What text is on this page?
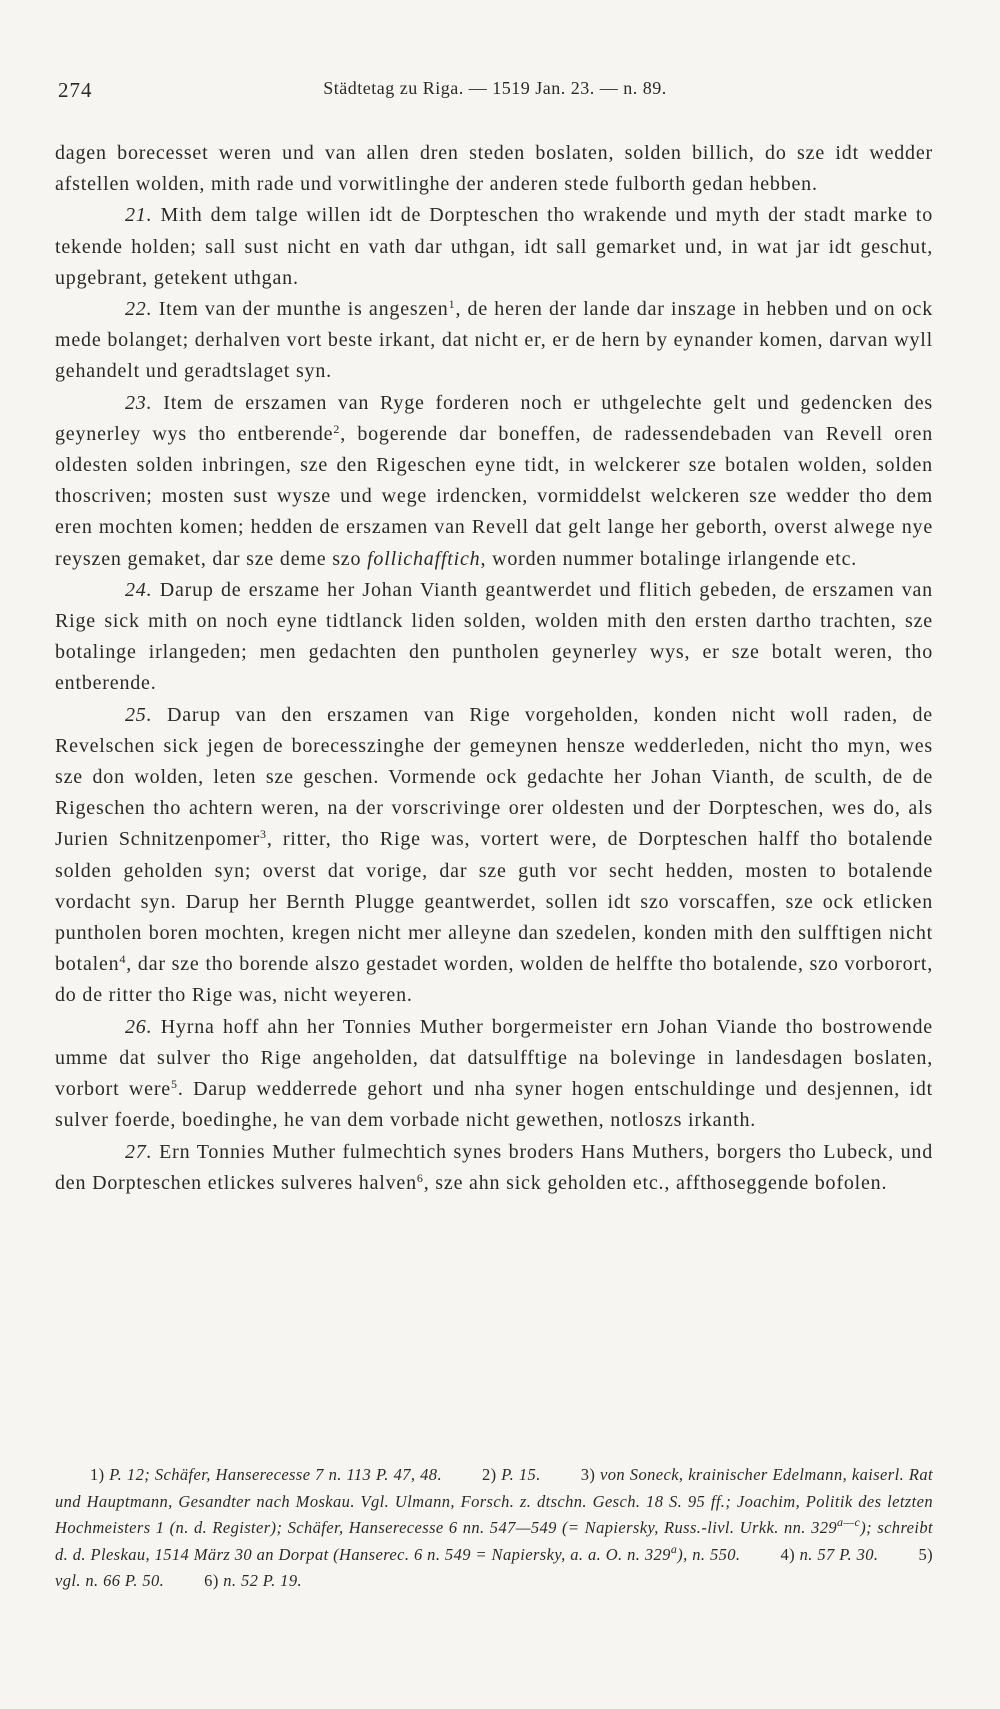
274	Städtetag zu Riga. — 1519 Jan. 23. — n. 89.

dagen borecesset weren und van allen dren steden boslaten, solden billich, do sze idt wedder afstellen wolden, mith rade und vorwitlinghe der anderen stede fulborth gedan hebben.

21. Mith dem talge willen idt de Dorpteschen tho wrakende und myth der stadt marke to tekende holden; sall sust nicht en vath dar uthgan, idt sall gemarket und, in wat jar idt geschut, upgebrant, getekent uthgan.

22. Item van der munthe is angeszen$^1$, de heren der lande dar inszage in hebben und on ock mede bolanget; derhalven vort beste irkant, dat nicht er, er de hern by eynander komen, darvan wyll gehandelt und geradtslaget syn.

23. Item de erszamen van Ryge forderen noch er uthgelechte gelt und gedencken des geynerley wys tho entberende$^2$, bogerende dar boneffen, de radessendebaden van Revell oren oldesten solden inbringen, sze den Rigeschen eyne tidt, in welckerer sze botalen wolden, solden thoscriven; mosten sust wysze und wege irdencken, vormiddelst welckeren sze wedder tho dem eren mochten komen; hedden de erszamen van Revell dat gelt lange her geborth, overst alwege nye reyszen gemaket, dar sze deme szo follichafftich, worden nummer botalinge irlangende etc.

24. Darup de erszame her Johan Vianth geantwerdet und flitich gebeden, de erszamen van Rige sick mith on noch eyne tidtlanck liden solden, wolden mith den ersten dartho trachten, sze botalinge irlangeden; men gedachten den puntholen geynerley wys, er sze botalt weren, tho entberende.

25. Darup van den erszamen van Rige vorgeholden, konden nicht woll raden, de Revelschen sick jegen de borecesszinghe der gemeynen hensze wedderleden, nicht tho myn, wes sze don wolden, leten sze geschen. Vormende ock gedachte her Johan Vianth, de sculth, de de Rigeschen tho achtern weren, na der vorscrivinge orer oldesten und der Dorpteschen, wes do, als Jurien Schnitzenpomer$^3$, ritter, tho Rige was, vortert were, de Dorpteschen halff tho botalende solden geholden syn; overst dat vorige, dar sze guth vor secht hedden, mosten to botalende vordacht syn. Darup her Bernth Plugge geantwerdet, sollen idt szo vorscaffen, sze ock etlicken puntholen boren mochten, kregen nicht mer alleyne dan szedelen, konden mith den sulfftigen nicht botalen$^4$, dar sze tho borende alszo gestadet worden, wolden de helffte tho botalende, szo vorborort, do de ritter tho Rige was, nicht weyeren.

26. Hyrna hoff ahn her Tonnies Muther borgermeister ern Johan Viande tho bostrowende umme dat sulver tho Rige angeholden, dat datsulfftige na bolevinge in landesdagen boslaten, vorbort were$^5$. Darup wedderrede gehort und nha syner hogen entschuldinge und desjennen, idt sulver foerde, boedinghe, he van dem vorbade nicht gewethen, notloszs irkanth.

27. Ern Tonnies Muther fulmechtich synes broders Hans Muthers, borgers tho Lubeck, und den Dorpteschen etlickes sulveres halven$^6$, sze ahn sick geholden etc., affthoseggende bofolen.

1) P. 12; Schäfer, Hanserecesse 7 n. 113 P. 47, 48. 2) P. 15. 3) von Soneck, krainischer Edelmann, kaiserl. Rat und Hauptmann, Gesandter nach Moskau. Vgl. Ulmann, Forsch. z. dtschn. Gesch. 18 S. 95 ff.; Joachim, Politik des letzten Hochmeisters 1 (n. d. Register); Schäfer, Hanserecesse 6 nn. 547—549 (= Napiersky, Russ.-livl. Urkk. nn. $329^{a—c}$); schreibt d. d. Pleskau, 1514 März 30 an Dorpat (Hanserec. 6 n. 549 = Napiersky, a. a. O. n. 329$^a$), n. 550. 4) n. 57 P. 30. 5) vgl. n. 66 P. 50. 6) n. 52 P. 19.
